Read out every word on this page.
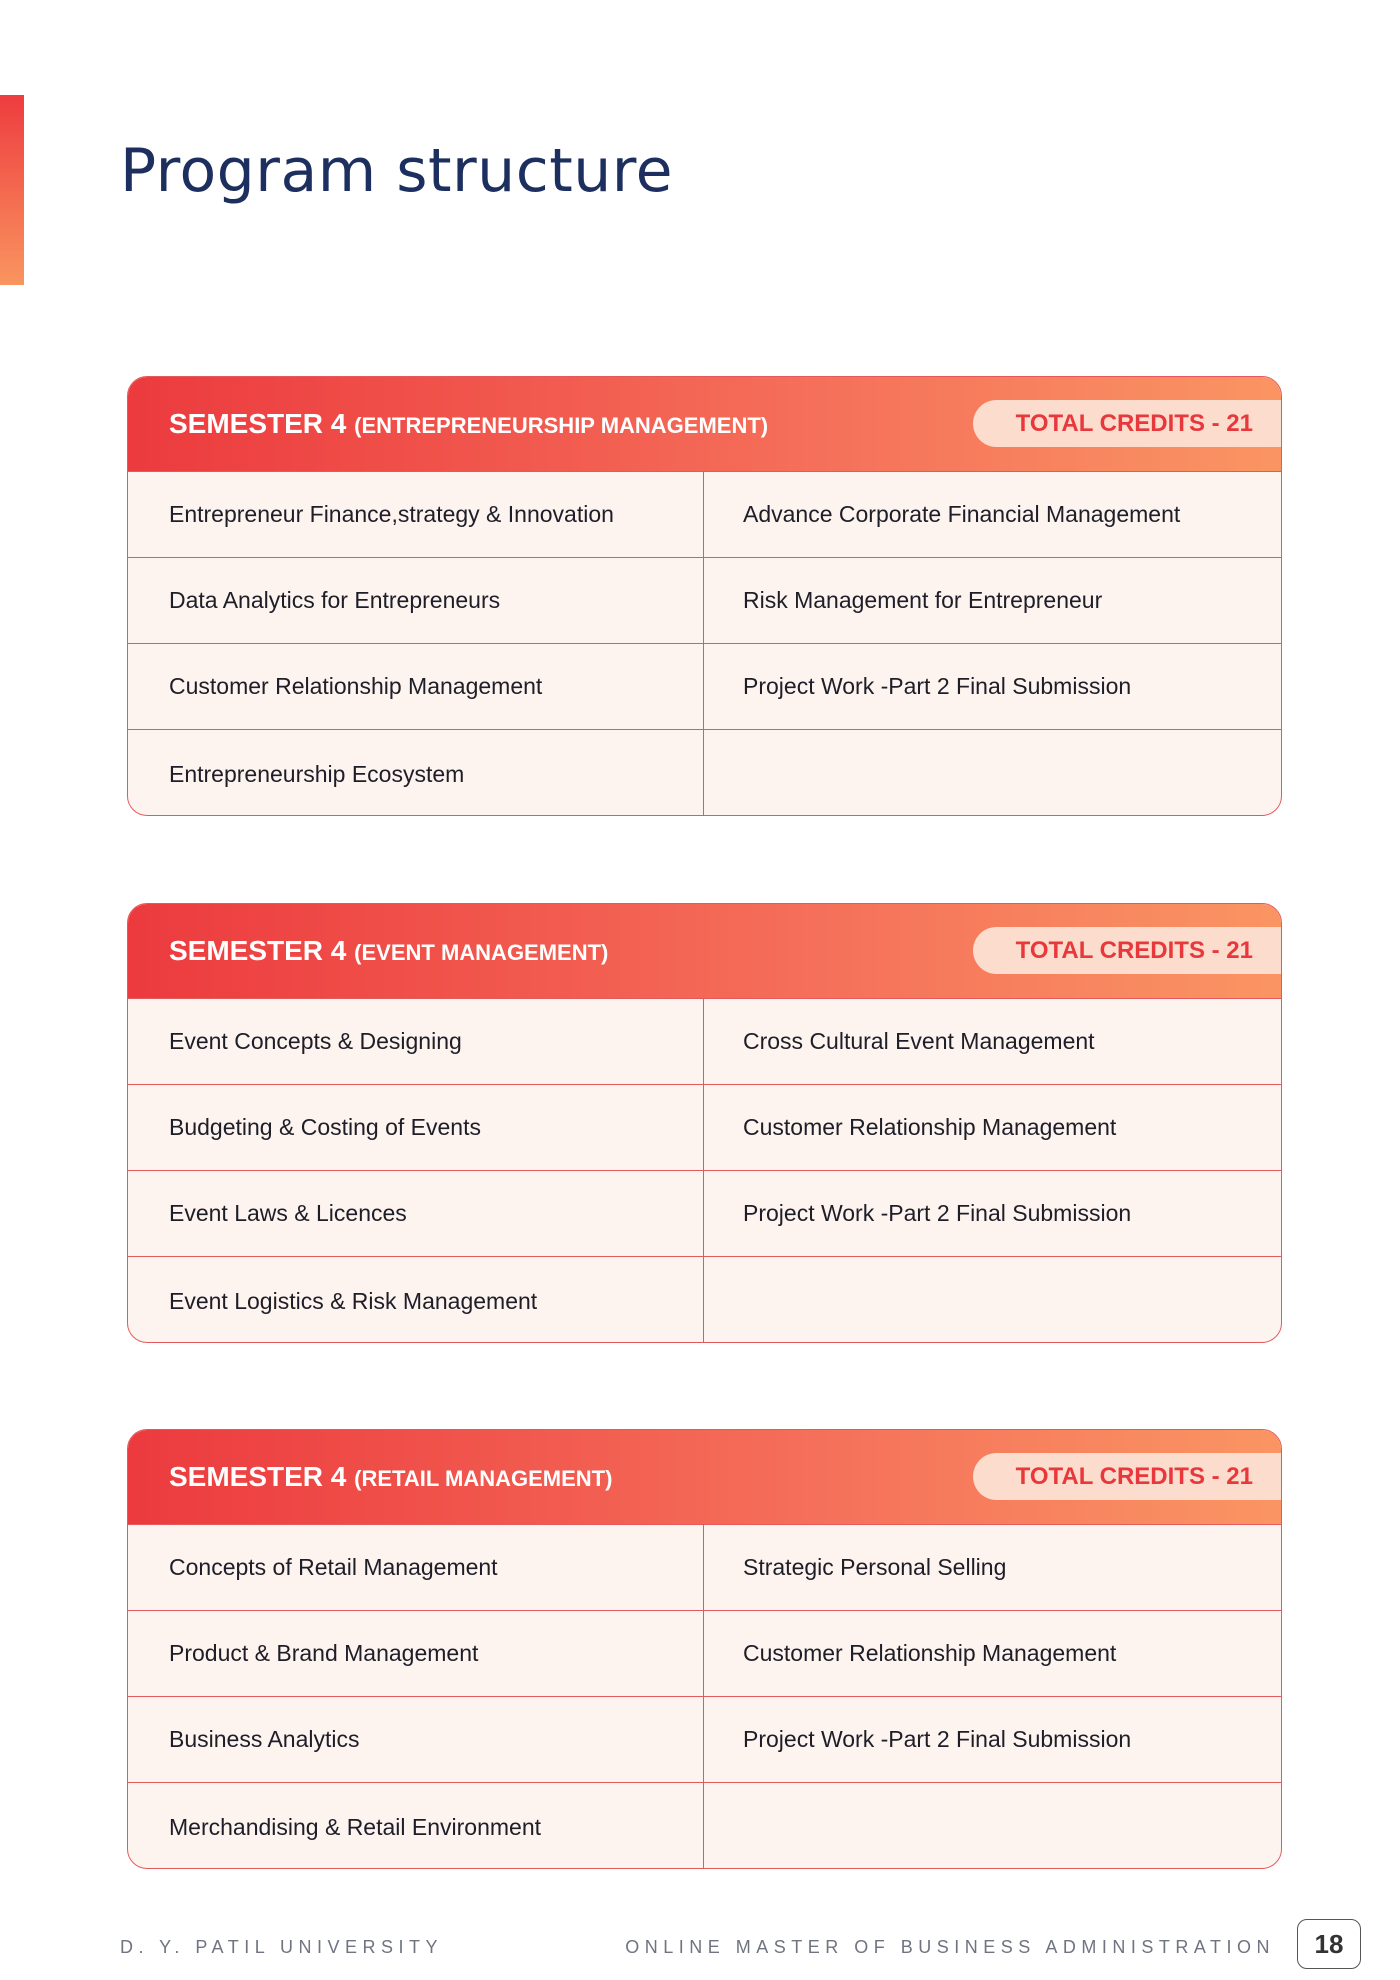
Program structure
SEMESTER 4 (ENTREPRENEURSHIP MANAGEMENT)	TOTAL CREDITS - 21
Entrepreneur Finance,strategy & Innovation	Advance Corporate Financial Management
Data Analytics for Entrepreneurs	Risk Management for Entrepreneur
Customer Relationship Management	Project Work -Part 2 Final Submission
Entrepreneurship Ecosystem
SEMESTER 4 (EVENT MANAGEMENT)	TOTAL CREDITS - 21
Event Concepts & Designing	Cross Cultural Event Management
Budgeting & Costing of Events	Customer Relationship Management
Event Laws & Licences	Project Work -Part 2 Final Submission
Event Logistics & Risk Management
SEMESTER 4 (RETAIL MANAGEMENT)	TOTAL CREDITS - 21
Concepts of Retail Management	Strategic Personal Selling
Product & Brand Management	Customer Relationship Management
Business Analytics	Project Work -Part 2 Final Submission
Merchandising & Retail Environment
D. Y. PATIL UNIVERSITY	ONLINE MASTER OF BUSINESS ADMINISTRATION	18
